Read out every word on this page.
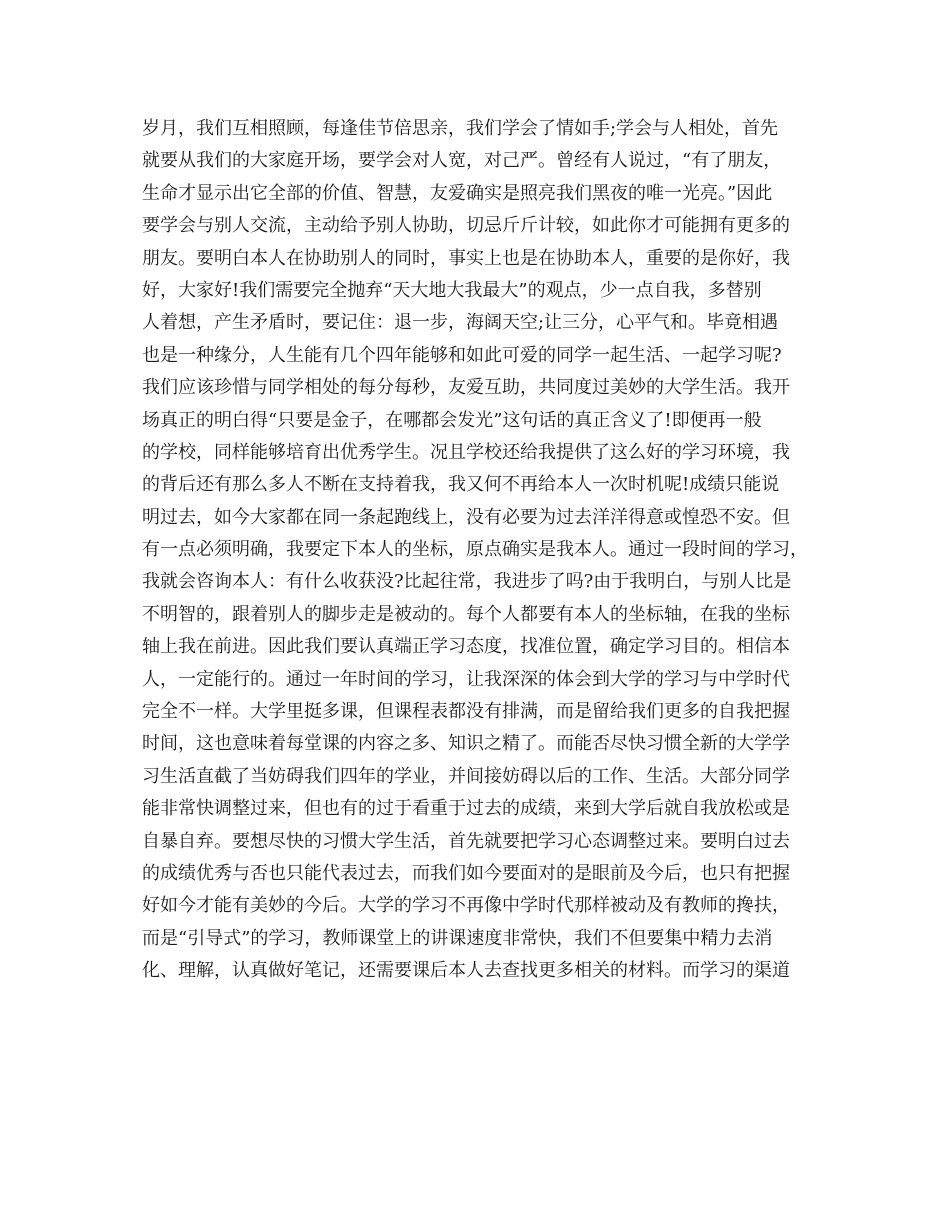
岁月，我们互相照顾，每逢佳节倍思亲，我们学会了情如手;学会与人相处，首先
就要从我们的大家庭开场，要学会对人宽，对己严。曾经有人说过，“有了朋友，
生命才显示出它全部的价值、智慧，友爱确实是照亮我们黑夜的唯一光亮。”因此
要学会与别人交流，主动给予别人协助，切忌斤斤计较，如此你才可能拥有更多的
朋友。要明白本人在协助别人的同时，事实上也是在协助本人，重要的是你好，我
好，大家好!我们需要完全抛弃“天大地大我最大”的观点，少一点自我，多替别
人着想，产生矛盾时，要记住：退一步，海阔天空;让三分，心平气和。毕竟相遇
也是一种缘分，人生能有几个四年能够和如此可爱的同学一起生活、一起学习呢?
我们应该珍惜与同学相处的每分每秒，友爱互助，共同度过美妙的大学生活。我开
场真正的明白得“只要是金子，在哪都会发光”这句话的真正含义了!即便再一般
的学校，同样能够培育出优秀学生。况且学校还给我提供了这么好的学习环境，我
的背后还有那么多人不断在支持着我，我又何不再给本人一次时机呢!成绩只能说
明过去，如今大家都在同一条起跑线上，没有必要为过去洋洋得意或惶恐不安。但
有一点必须明确，我要定下本人的坐标，原点确实是我本人。通过一段时间的学习，
我就会咨询本人：有什么收获没?比起往常，我进步了吗?由于我明白，与别人比是
不明智的，跟着别人的脚步走是被动的。每个人都要有本人的坐标轴，在我的坐标
轴上我在前进。因此我们要认真端正学习态度，找准位置，确定学习目的。相信本
人，一定能行的。通过一年时间的学习，让我深深的体会到大学的学习与中学时代
完全不一样。大学里挺多课，但课程表都没有排满，而是留给我们更多的自我把握
时间，这也意味着每堂课的内容之多、知识之精了。而能否尽快习惯全新的大学学
习生活直截了当妨碍我们四年的学业，并间接妨碍以后的工作、生活。大部分同学
能非常快调整过来，但也有的过于看重于过去的成绩，来到大学后就自我放松或是
自暴自弃。要想尽快的习惯大学生活，首先就要把学习心态调整过来。要明白过去
的成绩优秀与否也只能代表过去，而我们如今要面对的是眼前及今后，也只有把握
好如今才能有美妙的今后。大学的学习不再像中学时代那样被动及有教师的搀扶，
而是“引导式”的学习，教师课堂上的讲课速度非常快，我们不但要集中精力去消
化、理解，认真做好笔记，还需要课后本人去查找更多相关的材料。而学习的渠道
